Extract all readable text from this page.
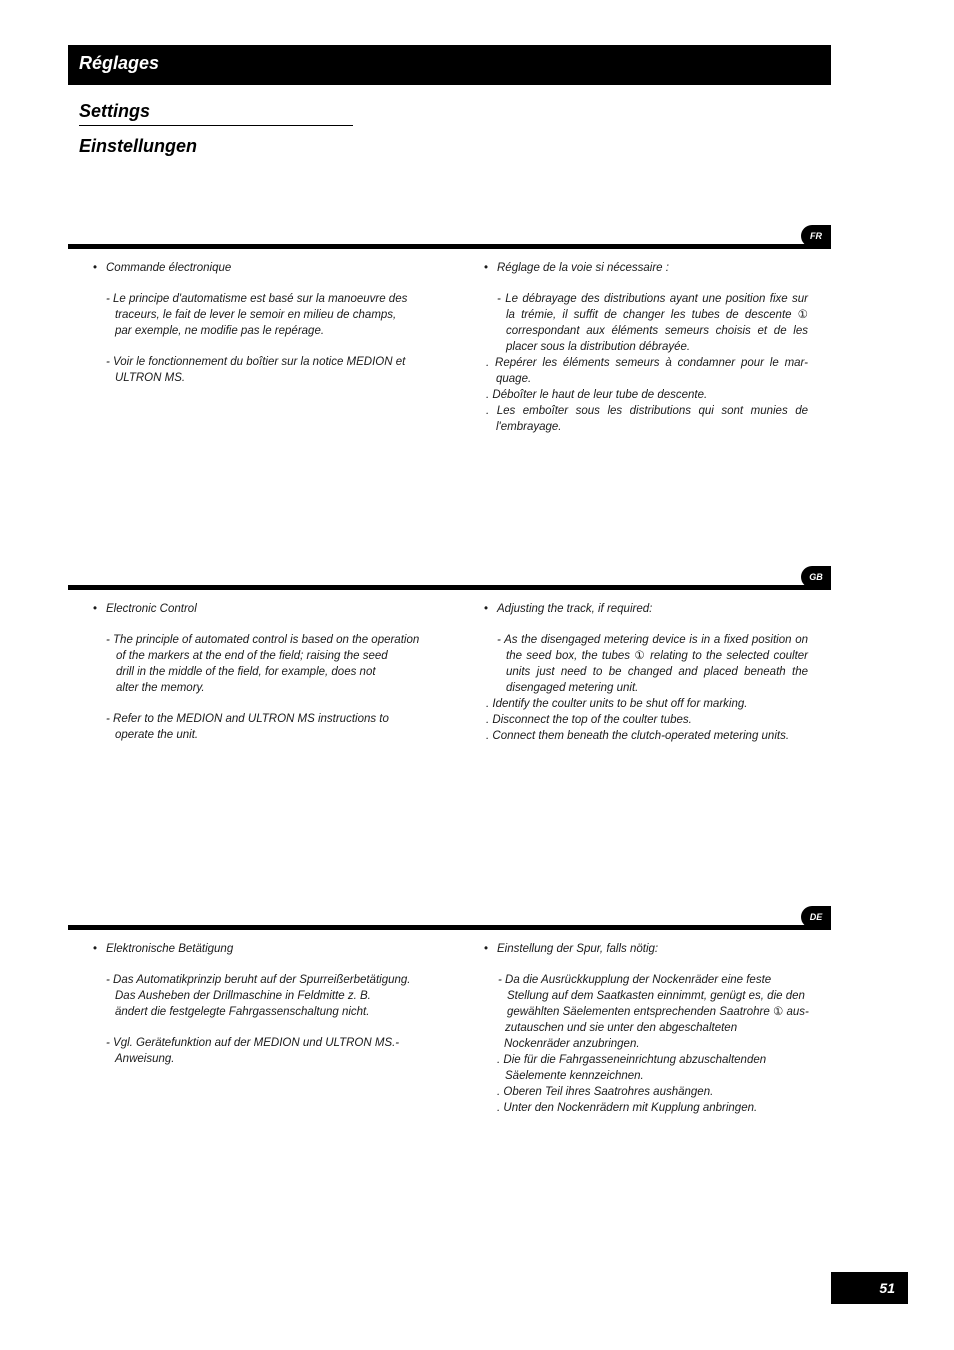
Réglages
Settings
Einstellungen
FR

• Commande électronique

- Le principe d'automatisme est basé sur la manoeuvre des

traceurs, le fait de lever le semoir en milieu de champs,

par exemple, ne modifie pas le repérage.

- Voir le fonctionnement du boîtier sur la notice MEDION et

ULTRON MS.

• Réglage de la voie si nécessaire :

- Le débrayage des distributions ayant une position fixe sur la trémie, il suffit de changer les tubes de descente ① correspondant aux éléments semeurs choisis et de les placer sous la distribution débrayée.

. Repérer les éléments semeurs à condamner pour le mar-quage.

. Déboîter le haut de leur tube de descente.

. Les emboîter sous les distributions qui sont munies de l'embrayage.

GB

• Electronic Control

- The principle of automated control is based on the operation

of the markers at the end of the field; raising the seed

drill in the middle of the field, for example, does not

alter the memory.

- Refer to the MEDION and ULTRON MS instructions to

operate the unit.

• Adjusting the track, if required:

- As the disengaged metering device is in a fixed position on the seed box, the tubes ① relating to the selected coulter units just need to be changed and placed beneath the disengaged metering unit.

. Identify the coulter units to be shut off for marking.

. Disconnect the top of the coulter tubes.

. Connect them beneath the clutch-operated metering units.

DE

• Elektronische Betätigung

- Das Automatikprinzip beruht auf der Spurreißerbetätigung.

Das Ausheben der Drillmaschine in Feldmitte z. B.

ändert die festgelegte Fahrgassenschaltung nicht.

- Vgl. Gerätefunktion auf der MEDION und ULTRON MS.-

Anweisung.

• Einstellung der Spur, falls nötig:

- Da die Ausrückkupplung der Nockenräder eine feste

Stellung auf dem Saatkasten einnimmt, genügt es, die den

gewählten Säelementen entsprechenden Saatrohre ① aus-

zutauschen und sie unter den abgeschalteten

Nockenräder anzubringen.

. Die für die Fahrgasseneinrichtung abzuschaltenden

Säelemente kennzeichnen.

. Oberen Teil ihres Saatrohres aushängen.

. Unter den Nockenrädern mit Kupplung anbringen.

51
